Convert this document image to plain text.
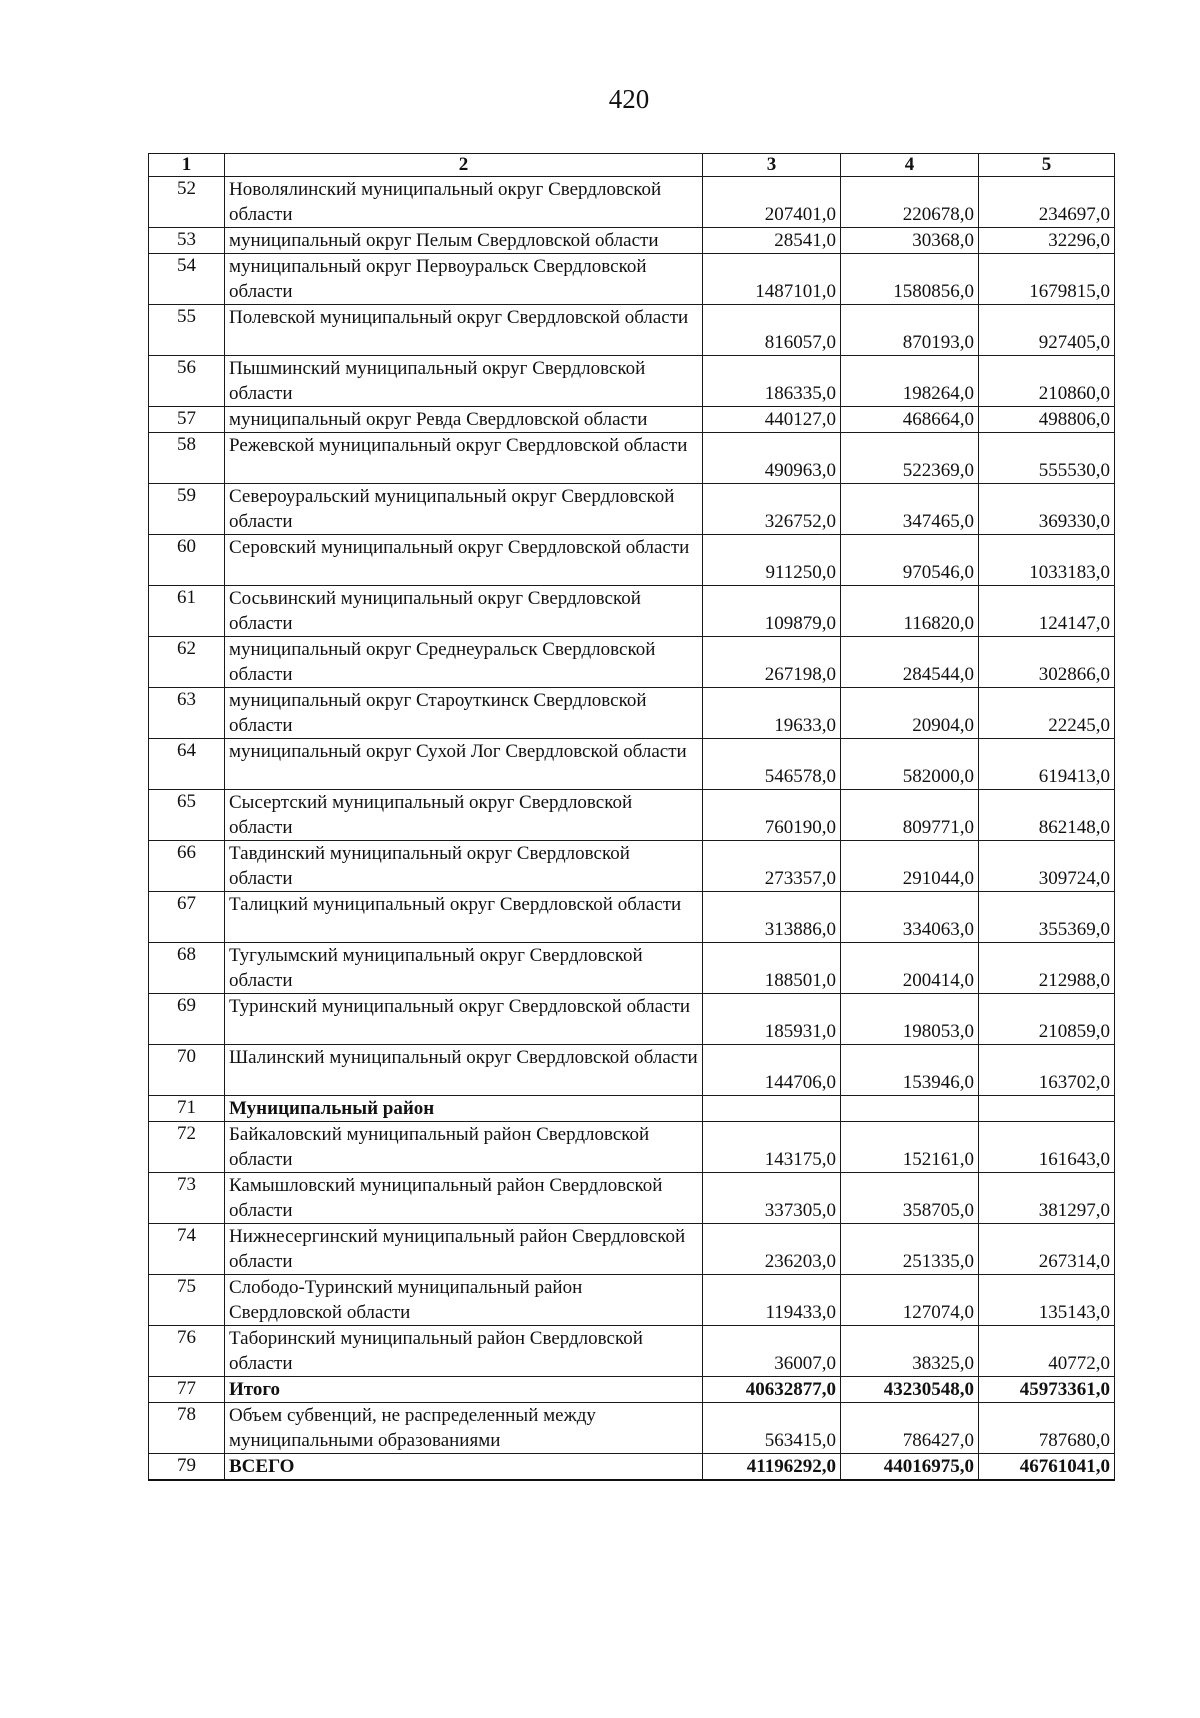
420
1	2	3	4	5
52	Новолялинский муниципальный округ Свердловской области	207401,0	220678,0	234697,0
53	муниципальный округ Пелым Свердловской области	28541,0	30368,0	32296,0
54	муниципальный округ Первоуральск Свердловской области	1487101,0	1580856,0	1679815,0
55	Полевской муниципальный округ Свердловской области	816057,0	870193,0	927405,0
56	Пышминский муниципальный округ Свердловской области	186335,0	198264,0	210860,0
57	муниципальный округ Ревда Свердловской области	440127,0	468664,0	498806,0
58	Режевской муниципальный округ Свердловской области	490963,0	522369,0	555530,0
59	Североуральский муниципальный округ Свердловской области	326752,0	347465,0	369330,0
60	Серовский муниципальный округ Свердловской области	911250,0	970546,0	1033183,0
61	Сосьвинский муниципальный округ Свердловской области	109879,0	116820,0	124147,0
62	муниципальный округ Среднеуральск Свердловской области	267198,0	284544,0	302866,0
63	муниципальный округ Староуткинск Свердловской области	19633,0	20904,0	22245,0
64	муниципальный округ Сухой Лог Свердловской области	546578,0	582000,0	619413,0
65	Сысертский муниципальный округ Свердловской области	760190,0	809771,0	862148,0
66	Тавдинский муниципальный округ Свердловской области	273357,0	291044,0	309724,0
67	Талицкий муниципальный округ Свердловской области	313886,0	334063,0	355369,0
68	Тугулымский муниципальный округ Свердловской области	188501,0	200414,0	212988,0
69	Туринский муниципальный округ Свердловской области	185931,0	198053,0	210859,0
70	Шалинский муниципальный округ Свердловской области	144706,0	153946,0	163702,0
71	Муниципальный район			
72	Байкаловский муниципальный район Свердловской области	143175,0	152161,0	161643,0
73	Камышловский муниципальный район Свердловской области	337305,0	358705,0	381297,0
74	Нижнесергинский муниципальный район Свердловской области	236203,0	251335,0	267314,0
75	Слободо-Туринский муниципальный район Свердловской области	119433,0	127074,0	135143,0
76	Таборинский муниципальный район Свердловской области	36007,0	38325,0	40772,0
77	Итого	40632877,0	43230548,0	45973361,0
78	Объем субвенций, не распределенный между муниципальными образованиями	563415,0	786427,0	787680,0
79	ВСЕГО	41196292,0	44016975,0	46761041,0
